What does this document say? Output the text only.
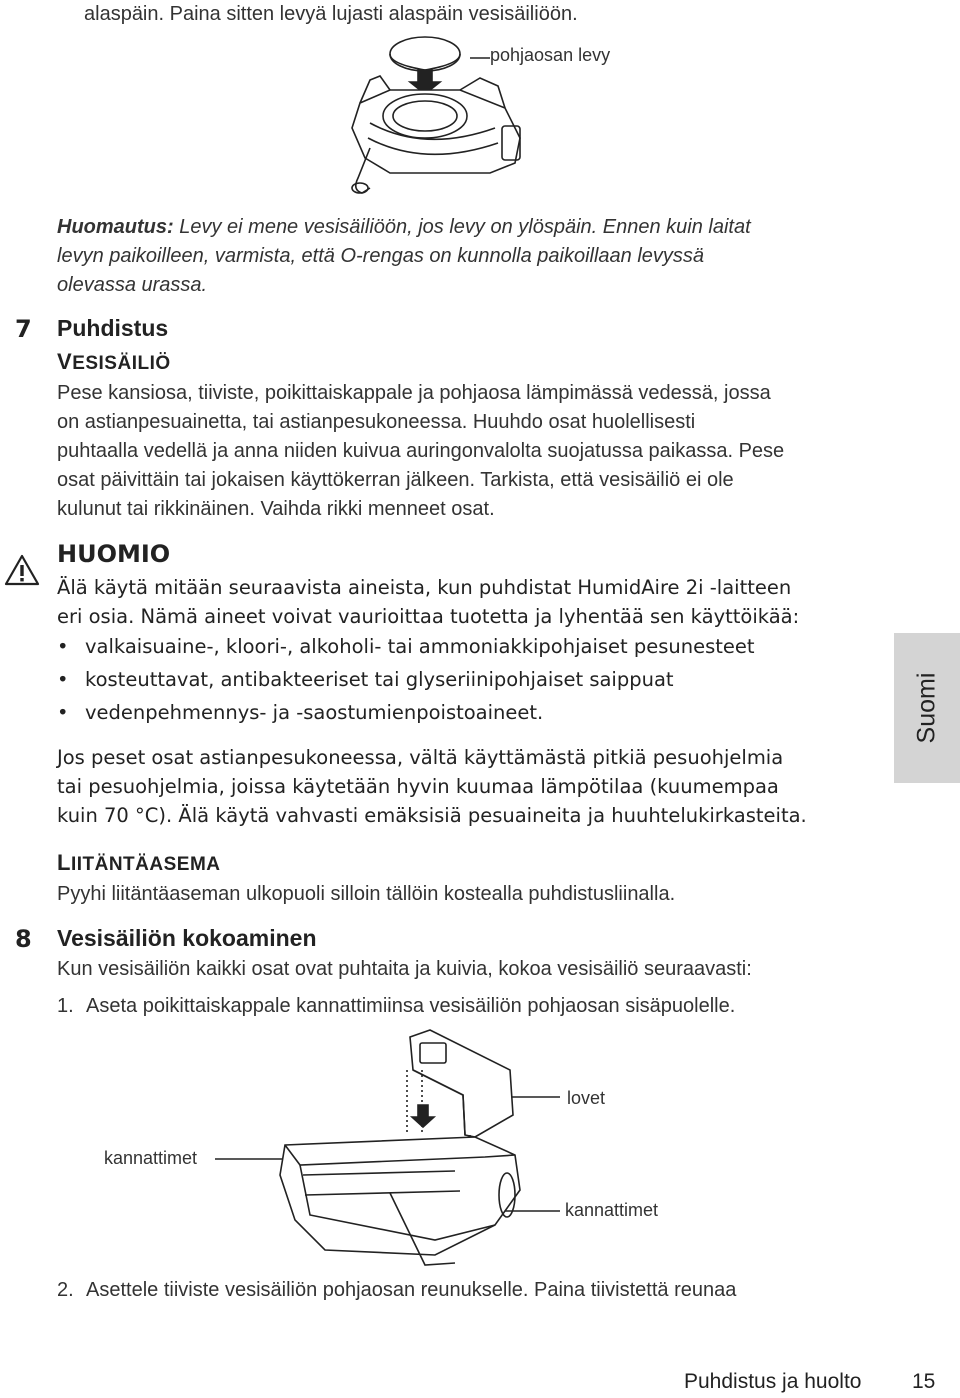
alaspäin. Paina sitten levyä lujasti alaspäin vesisäiliöön.
pohjaosan levy
Huomautus: Levy ei mene vesisäiliöön, jos levy on ylöspäin. Ennen kuin laitat
levyn paikoilleen, varmista, että O-rengas on kunnolla paikoillaan levyssä
olevassa urassa.
7 Puhdistus
VESISÄILIÖ
Pese kansiosa, tiiviste, poikittaiskappale ja pohjaosa lämpimässä vedessä, jossa
on astianpesuainetta, tai astianpesukoneessa. Huuhdo osat huolellisesti
puhtaalla vedellä ja anna niiden kuivua auringonvalolta suojatussa paikassa. Pese
osat päivittäin tai jokaisen käyttökerran jälkeen. Tarkista, että vesisäiliö ei ole
kulunut tai rikkinäinen. Vaihda rikki menneet osat.
HUOMIO
Älä käytä mitään seuraavista aineista, kun puhdistat HumidAire 2i -laitteen
eri osia. Nämä aineet voivat vaurioittaa tuotetta ja lyhentää sen käyttöikää:
• valkaisuaine-, kloori-, alkoholi- tai ammoniakkipohjaiset pesunesteet
• kosteuttavat, antibakteeriset tai glyseriinipohjaiset saippuat
• vedenpehmennys- ja -saostumienpoistoaineet.
Jos peset osat astianpesukoneessa, vältä käyttämästä pitkiä pesuohjelmia
tai pesuohjelmia, joissa käytetään hyvin kuumaa lämpötilaa (kuumempaa
kuin 70 °C). Älä käytä vahvasti emäksisiä pesuaineita ja huuhtelukirkasteita.
Suomi
LIITÄNTÄASEMA
Pyyhi liitäntäaseman ulkopuoli silloin tällöin kostealla puhdistusliinalla.
8 Vesisäiliön kokoaminen
Kun vesisäiliön kaikki osat ovat puhtaita ja kuivia, kokoa vesisäiliö seuraavasti:
1. Aseta poikittaiskappale kannattimiinsa vesisäiliön pohjaosan sisäpuolelle.
lovet
kannattimet
kannattimet
2. Asettele tiiviste vesisäiliön pohjaosan reunukselle. Paina tiivistettä reunaa
Puhdistus ja huolto 15
